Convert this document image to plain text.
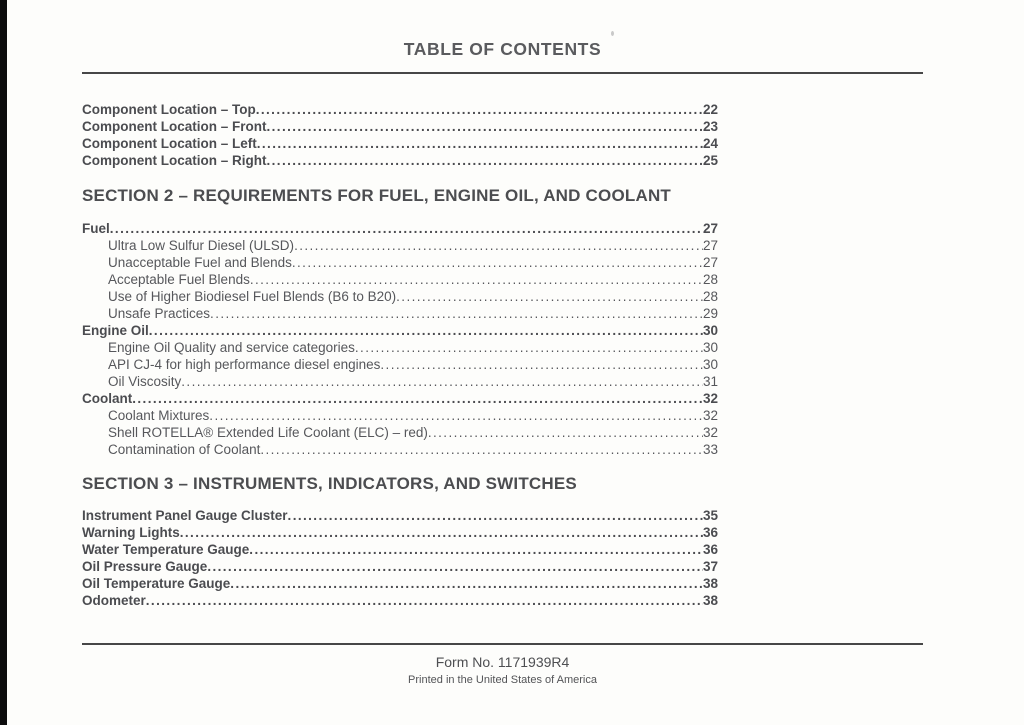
TABLE OF CONTENTS
Component Location – Top .....	22
Component Location – Front .....	23
Component Location – Left .....	24
Component Location – Right .....	25
SECTION 2 – REQUIREMENTS FOR FUEL, ENGINE OIL, AND COOLANT
Fuel .....	27
Ultra Low Sulfur Diesel (ULSD) .....	27
Unacceptable Fuel and Blends .....	27
Acceptable Fuel Blends .....	28
Use of Higher Biodiesel Fuel Blends (B6 to B20) .....	28
Unsafe Practices .....	29
Engine Oil .....	30
Engine Oil Quality and service categories .....	30
API CJ-4 for high performance diesel engines .....	30
Oil Viscosity .....	31
Coolant .....	32
Coolant Mixtures .....	32
Shell ROTELLA® Extended Life Coolant (ELC) – red) .....	32
Contamination of Coolant .....	33
SECTION 3 – INSTRUMENTS, INDICATORS, AND SWITCHES
Instrument Panel Gauge Cluster .....	35
Warning Lights .....	36
Water Temperature Gauge .....	36
Oil Pressure Gauge .....	37
Oil Temperature Gauge .....	38
Odometer .....	38
Form No. 1171939R4
Printed in the United States of America
